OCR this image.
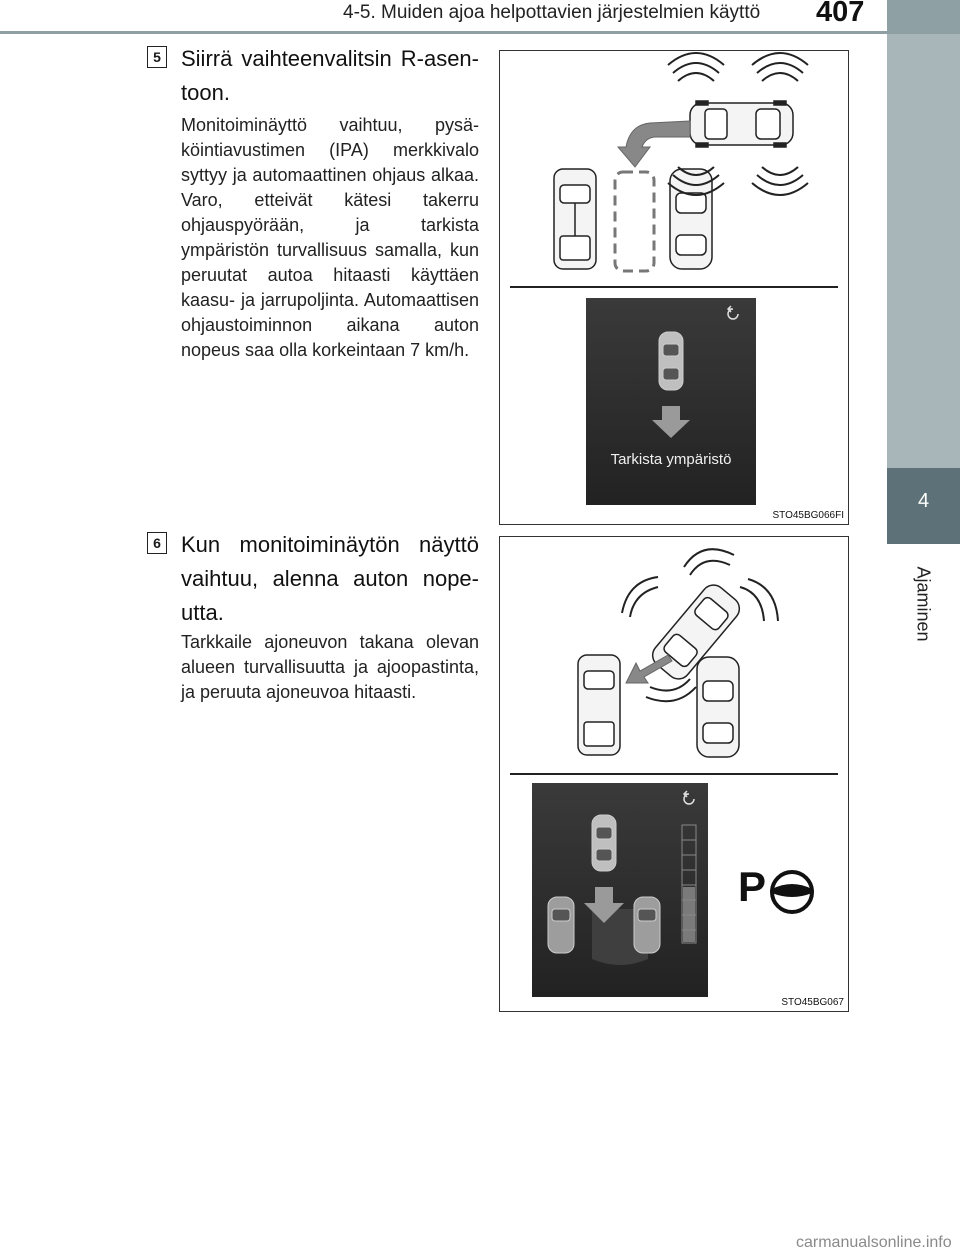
4-5. Muiden ajoa helpottavien järjestelmien käyttö 407
4
Ajaminen
5 Siirrä vaihteenvalitsin R-asentoon.
Monitoiminäyttö vaihtuu, pysäköintiavustimen (IPA) merkkivalo syttyy ja automaattinen ohjaus alkaa. Varo, etteivät kätesi takerru ohjauspyörään, ja tarkista ympäristön turvallisuus samalla, kun peruutat autoa hitaasti käyttäen kaasu- ja jarrupoljinta. Automaattisen ohjaustoiminnon aikana auton nopeus saa olla korkeintaan 7 km/h.
Tarkista ympäristö
STO45BG066FI
6 Kun monitoiminäytön näyttö vaihtuu, alenna auton nopeutta.
Tarkkaile ajoneuvon takana olevan alueen turvallisuutta ja ajoopastinta, ja peruuta ajoneuvoa hitaasti.
P
STO45BG067
carmanualsonline.info
